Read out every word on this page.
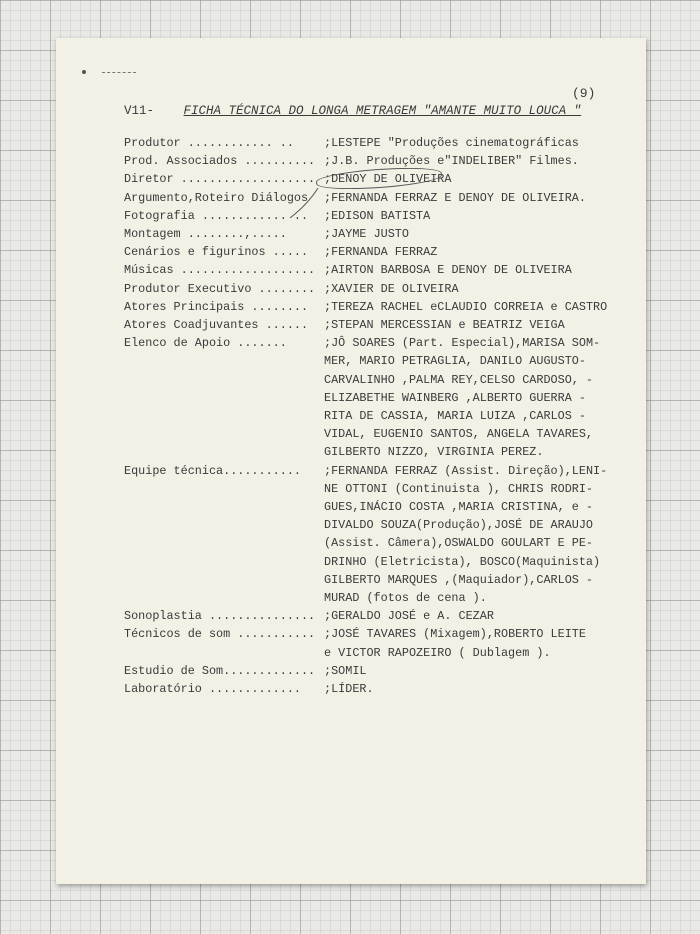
(9)
V11- FICHA TÉCNICA DO LONGA METRAGEM "AMANTE MUITO LOUCA "
Produtor ............ ..	; LESTEPE "Produções cinematográficas
Prod. Associados ..........	; J.B. Produções e"INDELIBER" Filmes.
Diretor ...................	; DENOY DE OLIVEIRA
Argumento,Roteiro Diálogos	; FERNANDA FERRAZ E DENOY DE OLIVEIRA.
Fotografia ............ ..	; EDISON BATISTA
Montagem ........,.....	; JAYME JUSTO
Cenários e figurinos .....	; FERNANDA FERRAZ
Músicas ...................	; AIRTON BARBOSA E DENOY DE OLIVEIRA
Produtor Executivo ........	; XAVIER DE OLIVEIRA
Atores Principais ........	; TEREZA RACHEL eCLAUDIO CORREIA e CASTRO
Atores Coadjuvantes ......	; STEPAN MERCESSIAN e BEATRIZ VEIGA
Elenco de Apoio .......	; JÔ SOARES (Part. Especial),MARISA SOM-
MER, MARIO PETRAGLIA, DANILO AUGUSTO-
CARVALINHO ,PALMA REY,CELSO CARDOSO, -
ELIZABETHE WAINBERG ,ALBERTO GUERRA -
RITA DE CASSIA, MARIA LUIZA ,CARLOS -
VIDAL, EUGENIO SANTOS, ANGELA TAVARES,
GILBERTO NIZZO, VIRGINIA PEREZ.
Equipe técnica...........	; FERNANDA FERRAZ (Assist. Direção),LENI-
NE OTTONI (Continuista ), CHRIS RODRI-
GUES,INÁCIO COSTA ,MARIA CRISTINA, e -
DIVALDO SOUZA(Produção),JOSÉ DE ARAUJO
(Assist. Câmera),OSWALDO GOULART E PE-
DRINHO (Eletricista), BOSCO(Maquinista)
GILBERTO MARQUES ,(Maquiador),CARLOS -
MURAD (fotos de cena ).
Sonoplastia ...............	; GERALDO JOSÉ e A. CEZAR
Técnicos de som ...........	; JOSÉ TAVARES (Mixagem),ROBERTO LEITE
e VICTOR RAPOZEIRO ( Dublagem ).
Estudio de Som.............	; SOMIL
Laboratório .............	; LÍDER.
